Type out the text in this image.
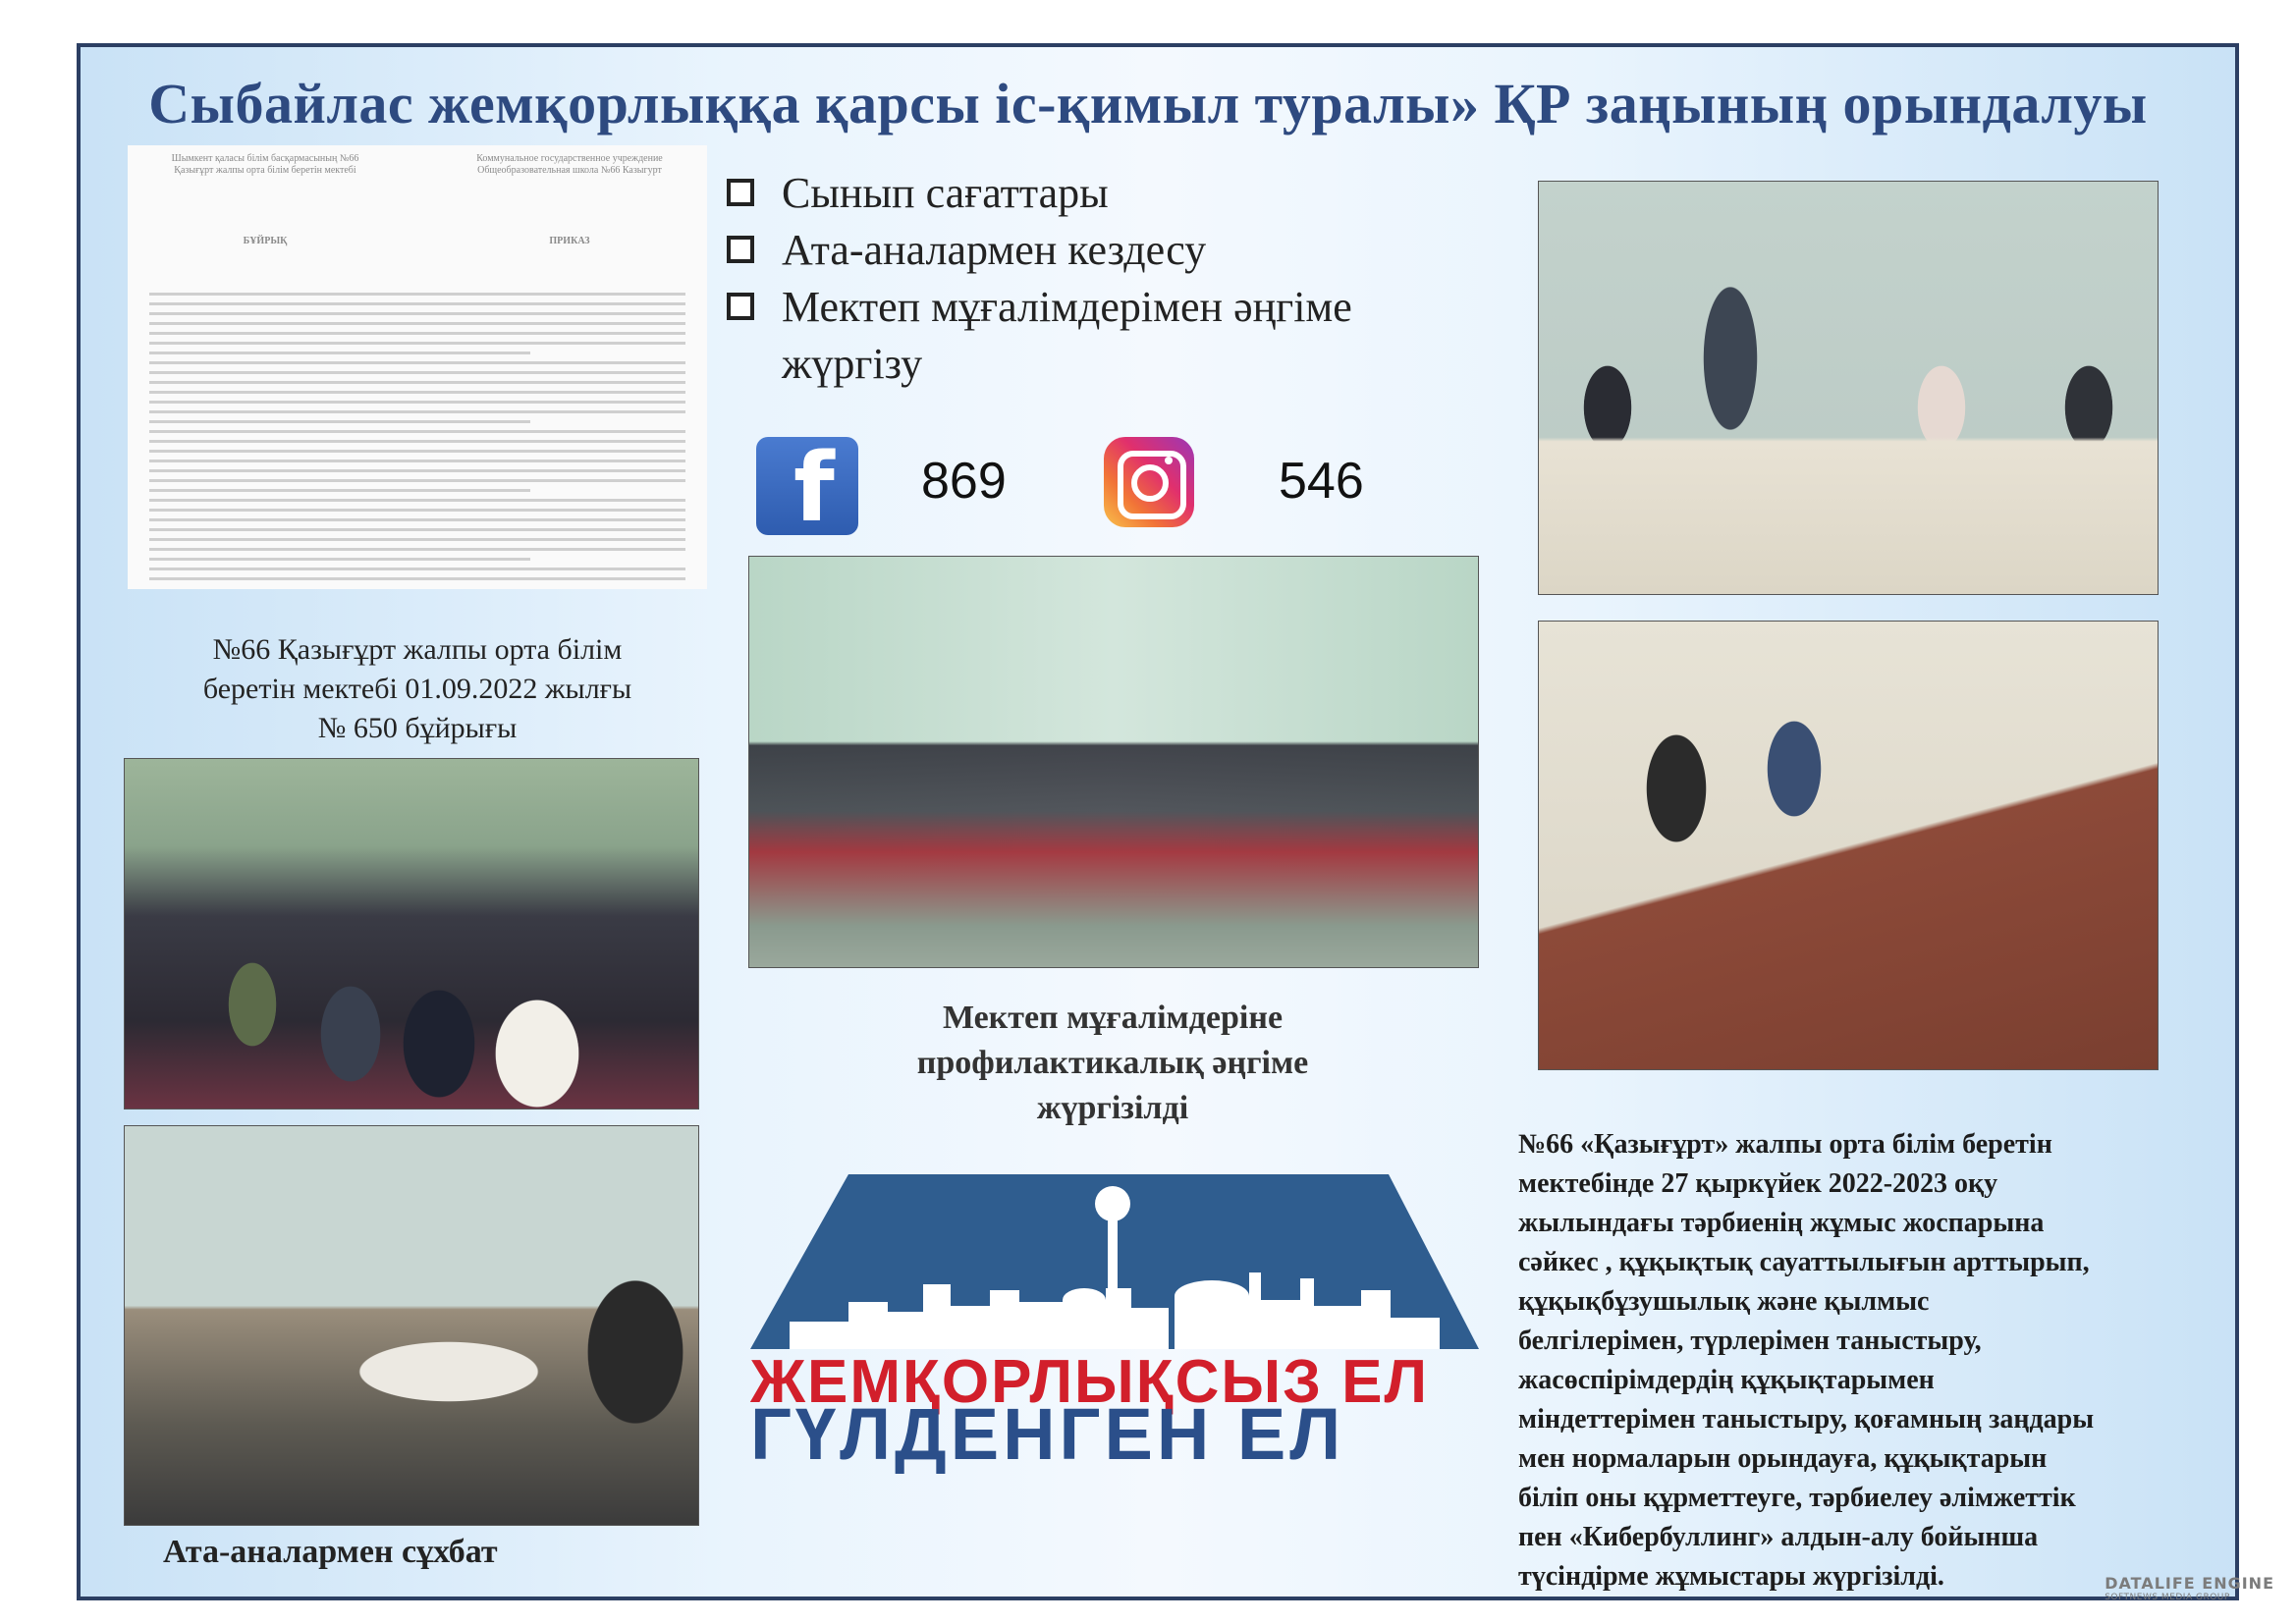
Сыбайлас жемқорлыққа қарсы іс-қимыл туралы» ҚР заңының орындалуы
Шымкент қаласы білім басқармасының №66 Қазығұрт жалпы орта білім беретін мектебі
Коммунальное государственное учреждение Общеобразовательная школа №66 Казыгурт
БҰЙРЫҚ	ПРИКАЗ
№66 Қазығұрт жалпы орта білім
беретін мектебі 01.09.2022 жылғы
№ 650 бұйрығы
Ата-аналармен сұхбат
Сынып сағаттары
Ата-аналармен кездесу
Мектеп мұғалімдерімен әңгіме жүргізу
f 869	546
Мектеп мұғалімдеріне
профилактикалық әңгіме
жүргізілді
ЖЕМҚОРЛЫҚСЫЗ ЕЛ
ГҮЛДЕНГЕН ЕЛ
№66 «Қазығұрт» жалпы орта білім беретін
мектебінде 27 қыркүйек 2022-2023 оқу
жылындағы тәрбиенің жұмыс жоспарына
сәйкес , құқықтық сауаттылығын арттырып,
құқықбұзушылық және қылмыс
белгілерімен, түрлерімен таныстыру,
жасөспірімдердің құқықтарымен
міндеттерімен таныстыру, қоғамның заңдары
мен нормаларын орындауға, құқықтарын
біліп оны құрметтеуге, тәрбиелеу әлімжеттік
пен «Кибербуллинг» алдын-алу бойынша
түсіндірме жұмыстары жүргізілді.	DATALIFE ENGINE
SOFTNEWS MEDIA GROUP
